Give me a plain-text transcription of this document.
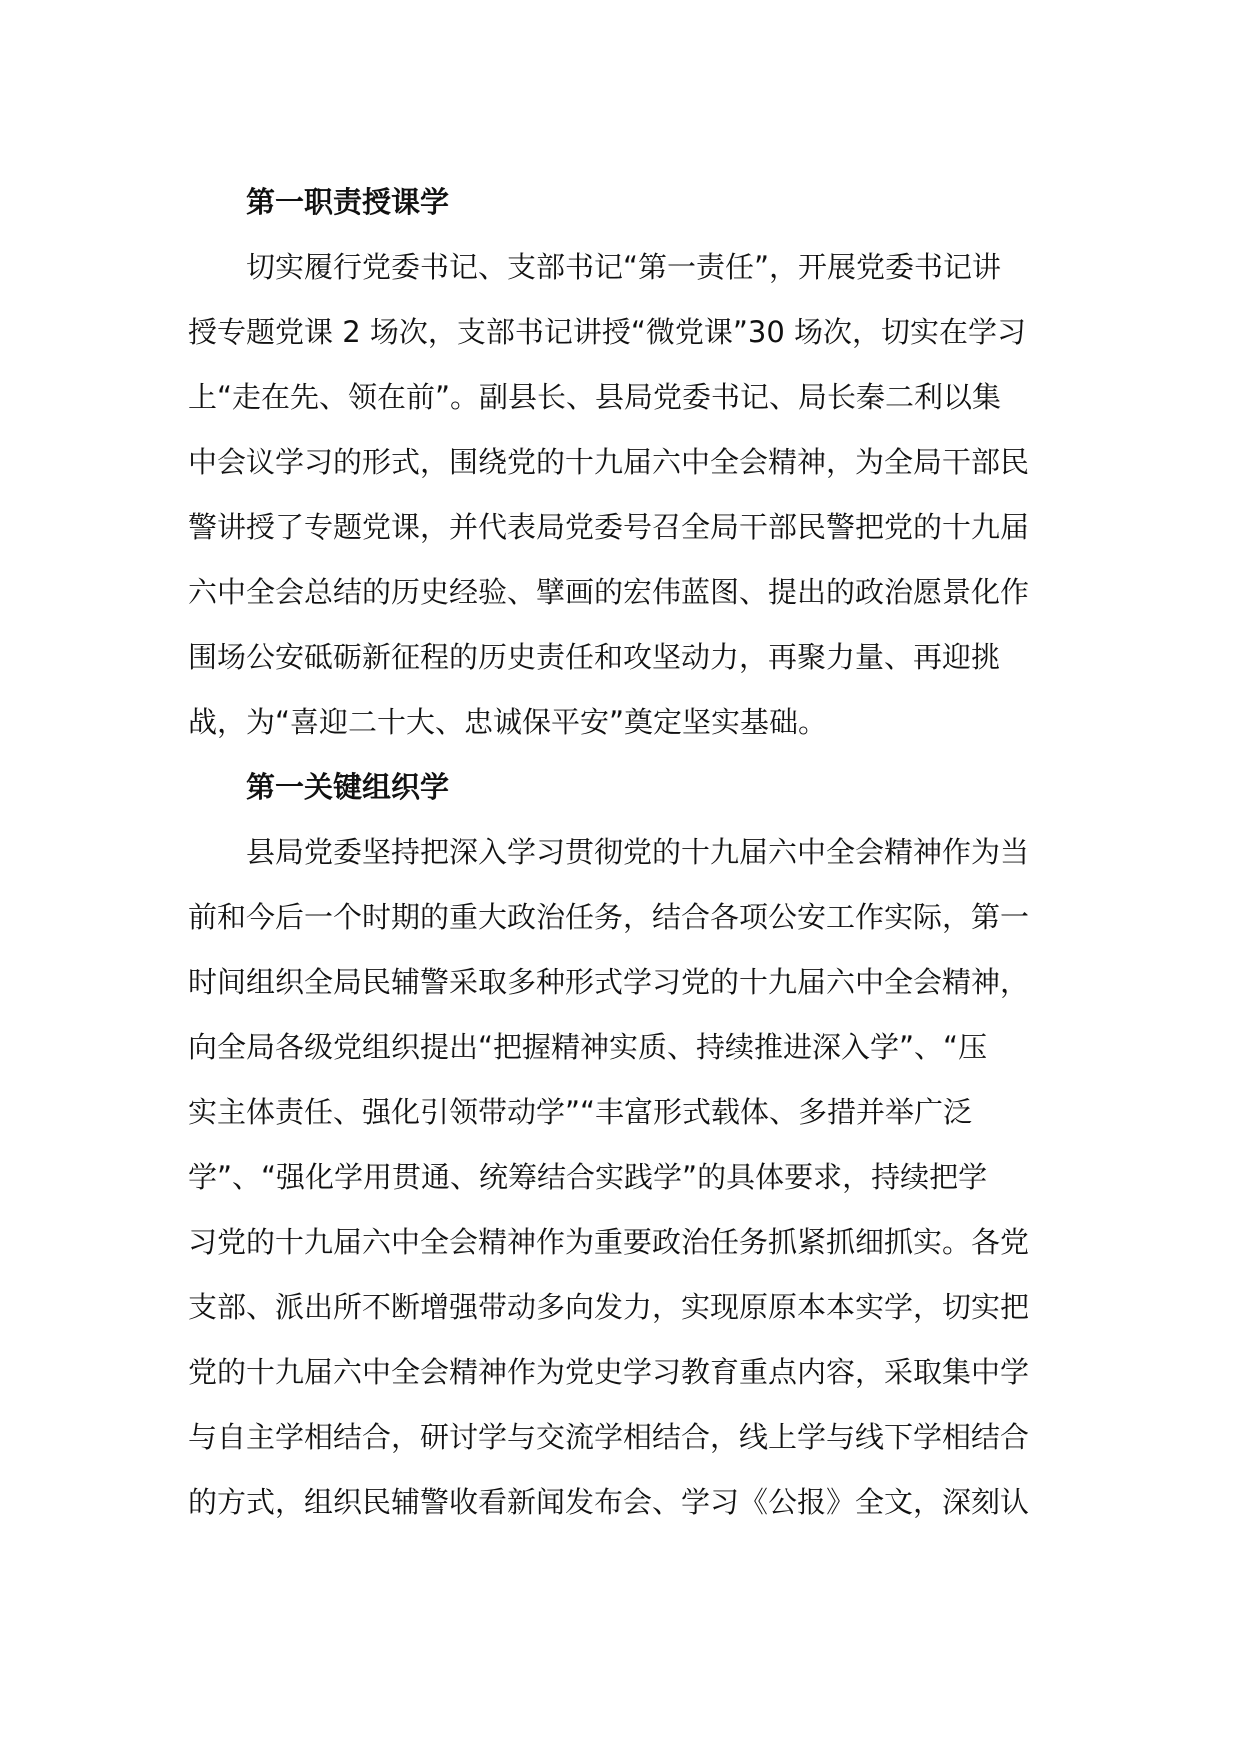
第一职责授课学

切实履行党委书记、支部书记“第一责任”，开展党委书记讲
授专题党课 2 场次，支部书记讲授“微党课”30 场次，切实在学习
上“走在先、领在前”。副县长、县局党委书记、局长秦二利以集
中会议学习的形式，围绕党的十九届六中全会精神，为全局干部民
警讲授了专题党课，并代表局党委号召全局干部民警把党的十九届
六中全会总结的历史经验、擘画的宏伟蓝图、提出的政治愿景化作
围场公安砥砺新征程的历史责任和攻坚动力，再聚力量、再迎挑
战，为“喜迎二十大、忠诚保平安”奠定坚实基础。

第一关键组织学

县局党委坚持把深入学习贯彻党的十九届六中全会精神作为当
前和今后一个时期的重大政治任务，结合各项公安工作实际，第一
时间组织全局民辅警采取多种形式学习党的十九届六中全会精神，
向全局各级党组织提出“把握精神实质、持续推进深入学”、“压
实主体责任、强化引领带动学”“丰富形式载体、多措并举广泛
学”、“强化学用贯通、统筹结合实践学”的具体要求，持续把学
习党的十九届六中全会精神作为重要政治任务抓紧抓细抓实。各党
支部、派出所不断增强带动多向发力，实现原原本本实学，切实把
党的十九届六中全会精神作为党史学习教育重点内容，采取集中学
与自主学相结合，研讨学与交流学相结合，线上学与线下学相结合
的方式，组织民辅警收看新闻发布会、学习《公报》全文，深刻认
